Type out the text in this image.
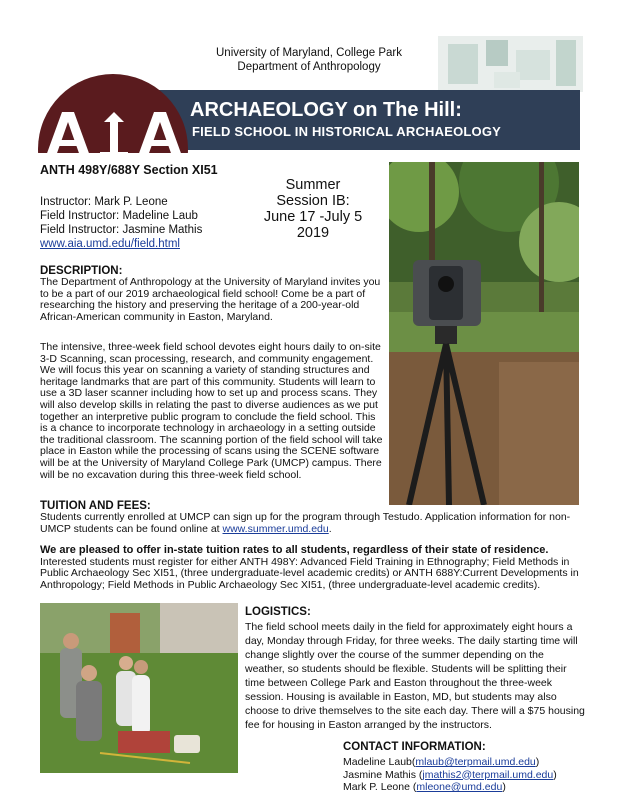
University of Maryland, College Park
Department of Anthropology
ARCHAEOLOGY on The Hill:
FIELD SCHOOL IN HISTORICAL ARCHAEOLOGY
ANTH 498Y/688Y Section XI51
Instructor: Mark P. Leone
Field Instructor: Madeline Laub
Field Instructor: Jasmine Mathis
www.aia.umd.edu/field.html
Summer
Session IB:
June 17 -July 5
2019
DESCRIPTION:
The Department of Anthropology at the University of Maryland invites you to be a part of our 2019 archaeological field school! Come be a part of researching the history and preserving the heritage of a 200-year-old African-American community in Easton, Maryland.
The intensive, three-week field school devotes eight hours daily to on-site 3-D Scanning, scan processing, research, and community engagement. We will focus this year on scanning a variety of standing structures and heritage landmarks that are part of this community. Students will learn to use a 3D laser scanner including how to set up and process scans. They will also develop skills in relating the past to diverse audiences as we put together an interpretive public program to conclude the field school. This is a chance to incorporate technology in archaeology in a setting outside the traditional classroom. The scanning portion of the field school will take place in Easton while the processing of scans using the SCENE software will be at the University of Maryland College Park (UMCP) campus. There will be no excavation during this three-week field school.
TUITION AND FEES:
Students currently enrolled at UMCP can sign up for the program through Testudo. Application information for non-UMCP students can be found online at www.summer.umd.edu.
We are pleased to offer in-state tuition rates to all students, regardless of their state of residence. Interested students must register for either ANTH 498Y: Advanced Field Training in Ethnography; Field Methods in Public Archaeology Sec XI51, (three undergraduate-level academic credits) or ANTH 688Y:Current Developments in Anthropology; Field Methods in Public Archaeology Sec XI51, (three undergraduate-level academic credits).
LOGISTICS:
The field school meets daily in the field for approximately eight hours a day, Monday through Friday, for three weeks. The daily starting time will change slightly over the course of the summer depending on the weather, so students should be flexible. Students will be splitting their time between College Park and Easton throughout the three-week session. Housing is available in Easton, MD, but students may also choose to drive themselves to the site each day. There will a $75 housing fee for housing in Easton arranged by the instructors.
CONTACT INFORMATION:
Madeline Laub(mlaub@terpmail.umd.edu)
Jasmine Mathis (jmathis2@terpmail.umd.edu)
Mark P. Leone (mleone@umd.edu)
